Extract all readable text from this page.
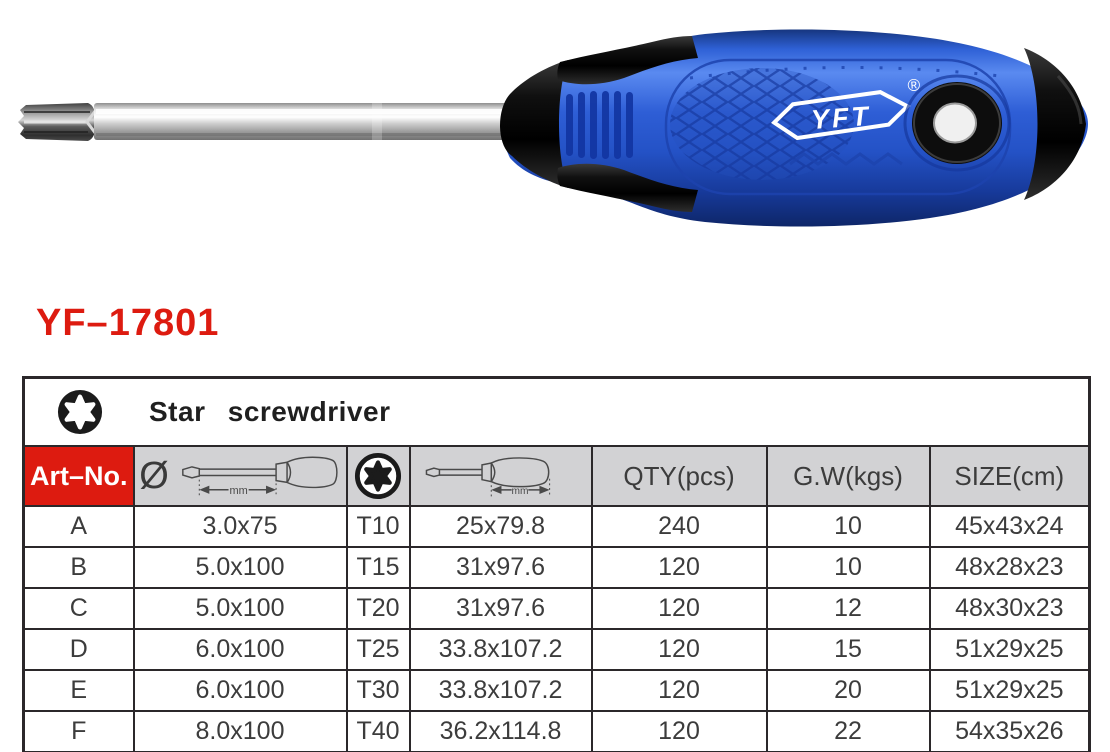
YFT
®
YF–17801
Star screwdriver						

Art–No.	Ø mm		mm	QTY(pcs)	G.W(kgs)	SIZE(cm)
A	3.0x75	T10	25x79.8	240	10	45x43x24
B	5.0x100	T15	31x97.6	120	10	48x28x23
C	5.0x100	T20	31x97.6	120	12	48x30x23
D	6.0x100	T25	33.8x107.2	120	15	51x29x25
E	6.0x100	T30	33.8x107.2	120	20	51x29x25
F	8.0x100	T40	36.2x114.8	120	22	54x35x26
